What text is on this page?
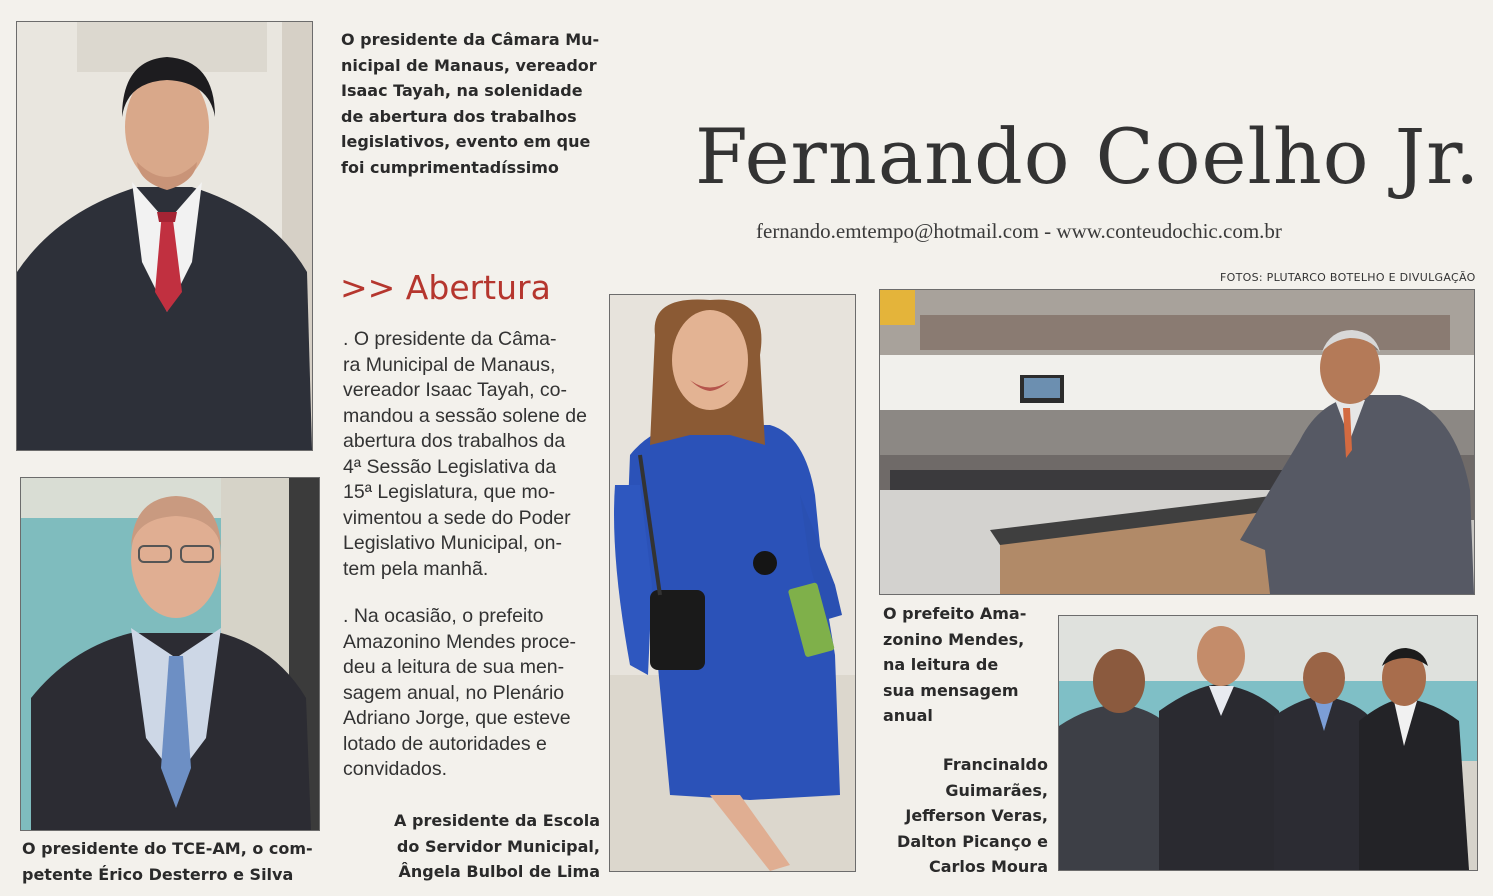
Fernando Coelho Jr.
fernando.emtempo@hotmail.com - www.conteudochic.com.br
FOTOS: PLUTARCO BOTELHO E DIVULGAÇÃO
>> Abertura
. O presidente da Câma-
ra Municipal de Manaus,
vereador Isaac Tayah, co-
mandou a sessão solene de
abertura dos trabalhos da
4ª Sessão Legislativa da
15ª Legislatura, que mo-
vimentou a sede do Poder
Legislativo Municipal, on-
tem pela manhã.
. Na ocasião, o prefeito
Amazonino Mendes proce-
deu a leitura de sua men-
sagem anual, no Plenário
Adriano Jorge, que esteve
lotado de autoridades e
convidados.
O presidente da Câmara Mu-
nicipal de Manaus, vereador
Isaac Tayah, na solenidade
de abertura dos trabalhos
legislativos, evento em que
foi cumprimentadíssimo
O presidente do TCE-AM, o com-
petente Érico Desterro e Silva
A presidente da Escola
do Servidor Municipal,
Ângela Bulbol de Lima
O prefeito Ama-
zonino Mendes,
na leitura de
sua mensagem
anual
Francinaldo
Guimarães,
Jefferson Veras,
Dalton Picanço e
Carlos Moura
